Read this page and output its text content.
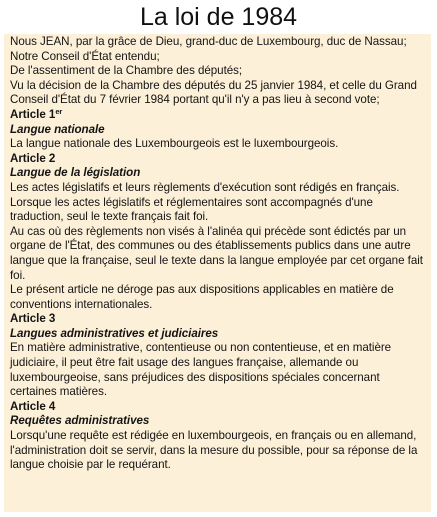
La loi de 1984

Nous JEAN, par la grâce de Dieu, grand-duc de Luxembourg, duc de Nassau; Notre Conseil d'État entendu;

De l'assentiment de la Chambre des députés;

Vu la décision de la Chambre des députés du 25 janvier 1984, et celle du Grand Conseil d'État du 7 février 1984 portant qu'il n'y a pas lieu à second vote;

Article 1er

Langue nationale

La langue nationale des Luxembourgeois est le luxembourgeois.

Article 2

Langue de la législation

Les actes législatifs et leurs règlements d'exécution sont rédigés en français. Lorsque les actes législatifs et réglementaires sont accompagnés d'une traduction, seul le texte français fait foi.

Au cas où des règlements non visés à l'alinéa qui précède sont édictés par un organe de l'État, des communes ou des établissements publics dans une autre langue que la française, seul le texte dans la langue employée par cet organe fait foi.

Le présent article ne déroge pas aux dispositions applicables en matière de conventions internationales.

Article 3

Langues administratives et judiciaires

En matière administrative, contentieuse ou non contentieuse, et en matière judiciaire, il peut être fait usage des langues française, allemande ou luxembourgeoise, sans préjudices des dispositions spéciales concernant certaines matières.

Article 4

Requêtes administratives

Lorsqu'une requête est rédigée en luxembourgeois, en français ou en allemand, l'administration doit se servir, dans la mesure du possible, pour sa réponse de la langue choisie par le requérant.
